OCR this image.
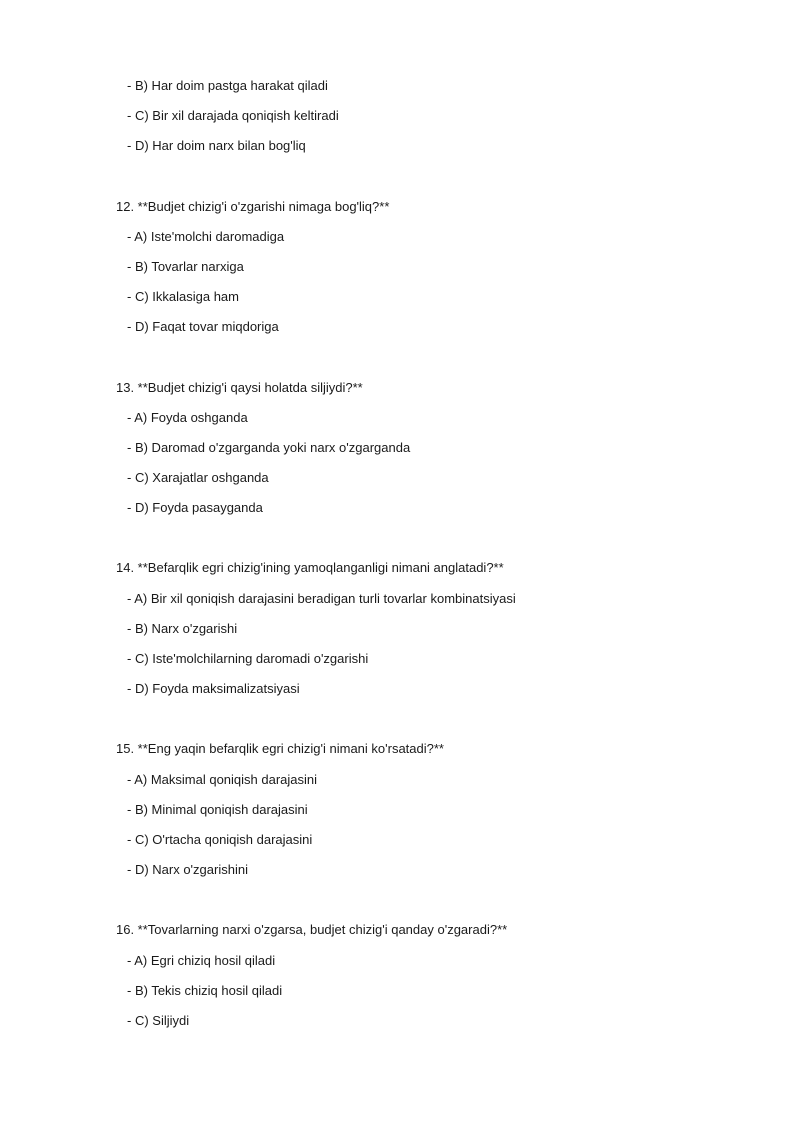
- B) Har doim pastga harakat qiladi
- C) Bir xil darajada qoniqish keltiradi
- D) Har doim narx bilan bog'liq
12. **Budjet chizig'i o'zgarishi nimaga bog'liq?**
- A) Iste'molchi daromadiga
- B) Tovarlar narxiga
- C) Ikkalasiga ham
- D) Faqat tovar miqdoriga
13. **Budjet chizig'i qaysi holatda siljiydi?**
- A) Foyda oshganda
- B) Daromad o'zgarganda yoki narx o'zgarganda
- C) Xarajatlar oshganda
- D) Foyda pasayganda
14. **Befarqlik egri chizig'ining yamoqlanganligi nimani anglatadi?**
- A) Bir xil qoniqish darajasini beradigan turli tovarlar kombinatsiyasi
- B) Narx o'zgarishi
- C) Iste'molchilarning daromadi o'zgarishi
- D) Foyda maksimalizatsiyasi
15. **Eng yaqin befarqlik egri chizig'i nimani ko'rsatadi?**
- A) Maksimal qoniqish darajasini
- B) Minimal qoniqish darajasini
- C) O'rtacha qoniqish darajasini
- D) Narx o'zgarishini
16. **Tovarlarning narxi o'zgarsa, budjet chizig'i qanday o'zgaradi?**
- A) Egri chiziq hosil qiladi
- B) Tekis chiziq hosil qiladi
- C) Siljiydi
